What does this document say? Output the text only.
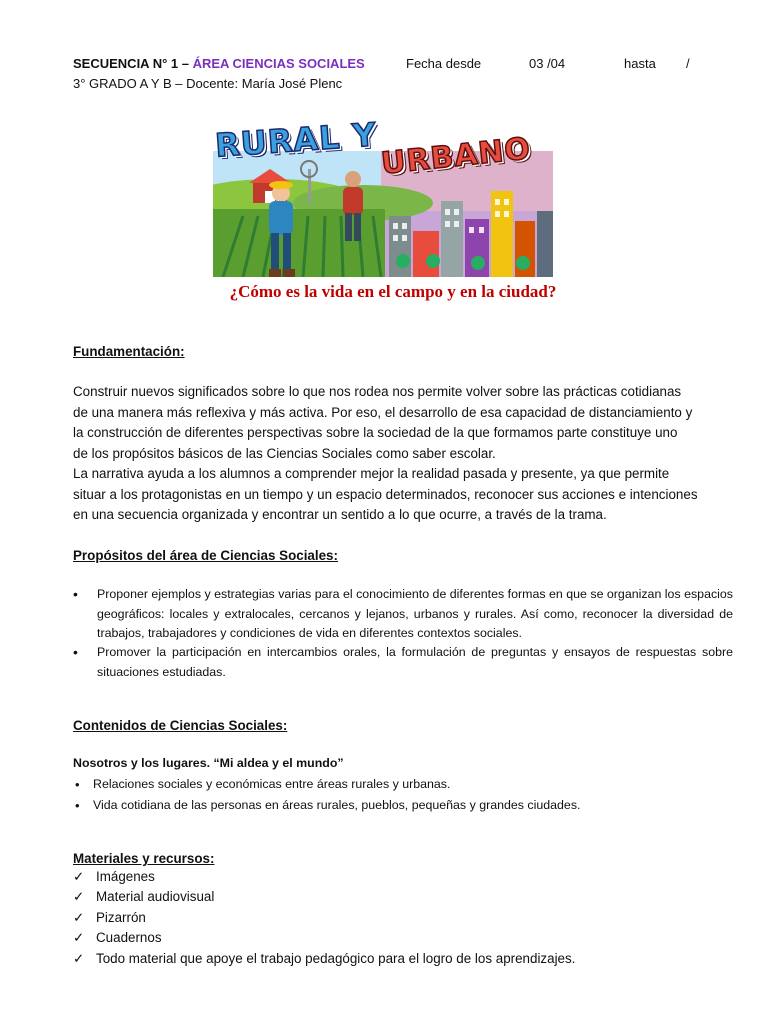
SECUENCIA N° 1 – ÁREA CIENCIAS SOCIALES	Fecha desde	03 /04	hasta /
3° GRADO A Y B – Docente: María José Plenc
RURAL Y URBANO
¿Cómo es la vida en el campo y en la ciudad?
Fundamentación:
Construir nuevos significados sobre lo que nos rodea nos permite volver sobre las prácticas cotidianas
de una manera más reflexiva y más activa. Por eso, el desarrollo de esa capacidad de distanciamiento y
la construcción de diferentes perspectivas sobre la sociedad de la que formamos parte constituye uno
de los propósitos básicos de las Ciencias Sociales como saber escolar.
La narrativa ayuda a los alumnos a comprender mejor la realidad pasada y presente, ya que permite
situar a los protagonistas en un tiempo y un espacio determinados, reconocer sus acciones e intenciones
en una secuencia organizada y encontrar un sentido a lo que ocurre, a través de la trama.
Propósitos del área de Ciencias Sociales:
• Proponer ejemplos y estrategias varias para el conocimiento de diferentes formas en que se organizan los espacios geográficos: locales y extralocales, cercanos y lejanos, urbanos y rurales. Así como, reconocer la diversidad de trabajos, trabajadores y condiciones de vida en diferentes contextos sociales.
• Promover la participación en intercambios orales, la formulación de preguntas y ensayos de respuestas sobre situaciones estudiadas.
Contenidos de Ciencias Sociales:
Nosotros y los lugares. “Mi aldea y el mundo”
• Relaciones sociales y económicas entre áreas rurales y urbanas.
• Vida cotidiana de las personas en áreas rurales, pueblos, pequeñas y grandes ciudades.
Materiales y recursos:
✓ Imágenes
✓ Material audiovisual
✓ Pizarrón
✓ Cuadernos
✓ Todo material que apoye el trabajo pedagógico para el logro de los aprendizajes.
